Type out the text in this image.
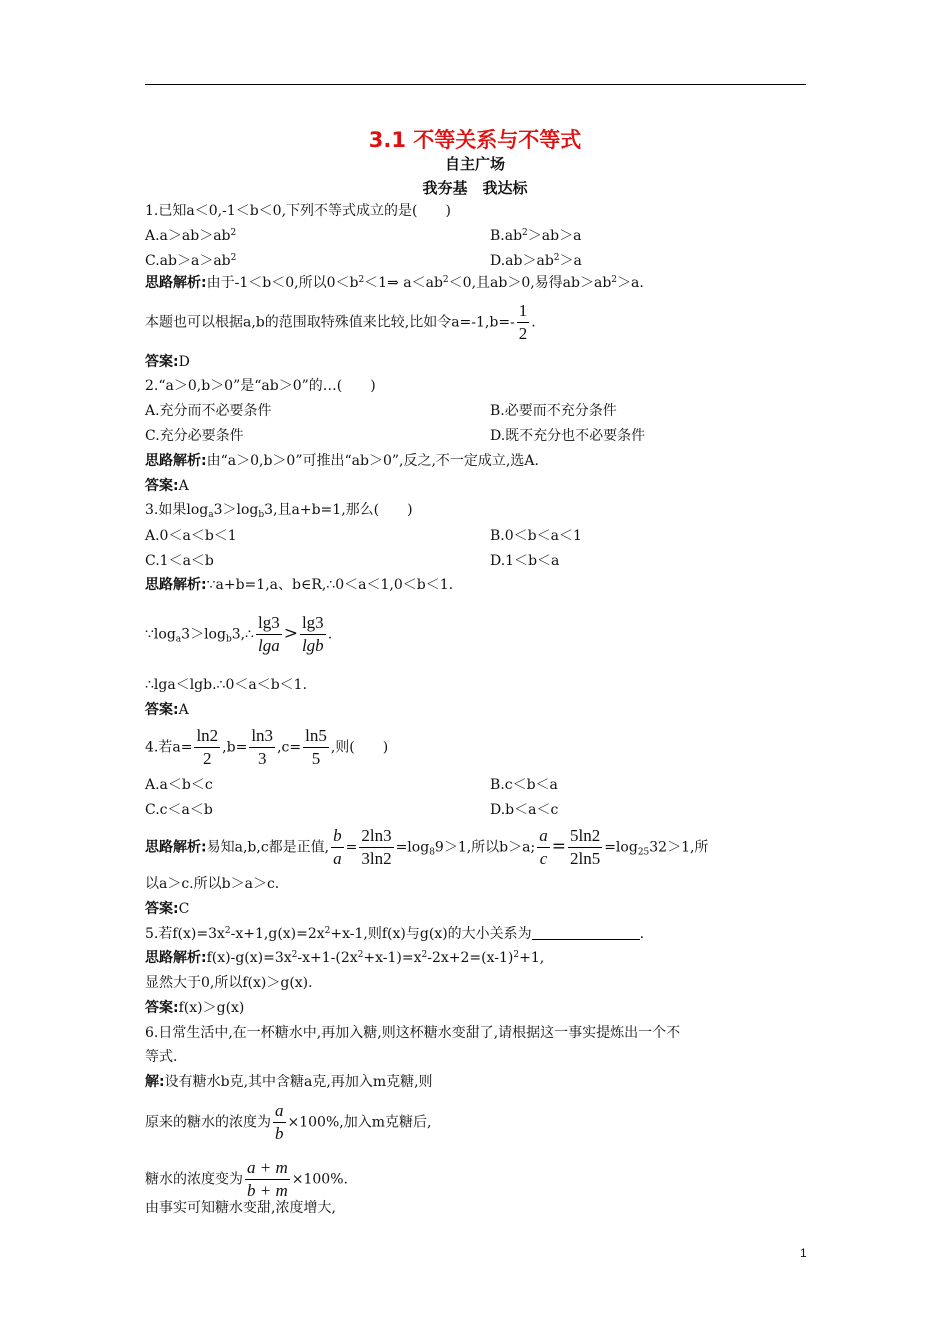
3.1 不等关系与不等式
自主广场
我夯基　我达标
1.已知a＜0,-1＜b＜0,下列不等式成立的是(　　)
$A.a>ab>ab^2$	$B.ab^2>ab>a$
$C.ab>a>ab^2$	$D.ab>ab^2>a$
思路解析:由于-1＜b＜0,所以$0<b^2<1\Rightarrow$ $a<ab^2<0$,且ab＞0,易得$ab>ab^2>a$.
本题也可以根据a,b的范围取特殊值来比较,比如令$a=-1,b=- \frac{1}{2}$ .
答案:D
2.“a＞0,b＞0”是“ab＞0”的…(　　)
A.充分而不必要条件	B.必要而不充分条件
C.充分必要条件	D.既不充分也不必要条件
思路解析:由“a＞0,b＞0”可推出“ab＞0”,反之,不一定成立,选A.
答案:A
3.如果$\log_a3>\log_b3$,且a+b=1,那么(　　)
A.0＜a＜b＜1	B.0＜b＜a＜1
C.1＜a＜b	D.1＜b＜a
思路解析:∵a+b=1,a、b∈R,∴0＜a＜1,0＜b＜1.
$\because\log_a3>\log_b3,\therefore \frac{\lg 3}{\lg a} > \frac{\lg 3}{\lg b}$ .
∴lga＜lgb.∴0＜a＜b＜1.
答案:A
4.若$a= \frac{\ln 2}{2} ,b= \frac{\ln 3}{3} ,c= \frac{\ln 5}{5}$ ,则(　　)
A.a＜b＜c	B.c＜b＜a
C.c＜a＜b	D.b＜a＜c
思路解析:易知a,b,c都是正值, $\frac{b}{a} = \frac{2\ln 3}{3\ln 2} =\log_89>1$,所以b＞a; $\frac{a}{c} = \frac{5\ln 2}{2\ln 5} =\log_{25}32>1$,所
以a＞c.所以b＞a＞c.
答案:C
5.若$f(x)=3x^2-x+1,g(x)=2x^2+x-1$,则f(x)与g(x)的大小关系为	.
思路解析$:f(x)-g(x)=3x^2-x+1-(2x^2+x-1)=x^2-2x+2=(x-1)^2+1$,
显然大于0,所以f(x)＞g(x).
答案:f(x)＞g(x)
6.日常生活中,在一杯糖水中,再加入糖,则这杯糖水变甜了,请根据这一事实提炼出一个不
等式.
解:设有糖水b克,其中含糖a克,再加入m克糖,则
原来的糖水的浓度为 $\frac{a}{b} \times 100\%$,加入m克糖后,
糖水的浓度变为 $\frac{a + m}{b + m} \times 100\%$.
由事实可知糖水变甜,浓度增大,
1
